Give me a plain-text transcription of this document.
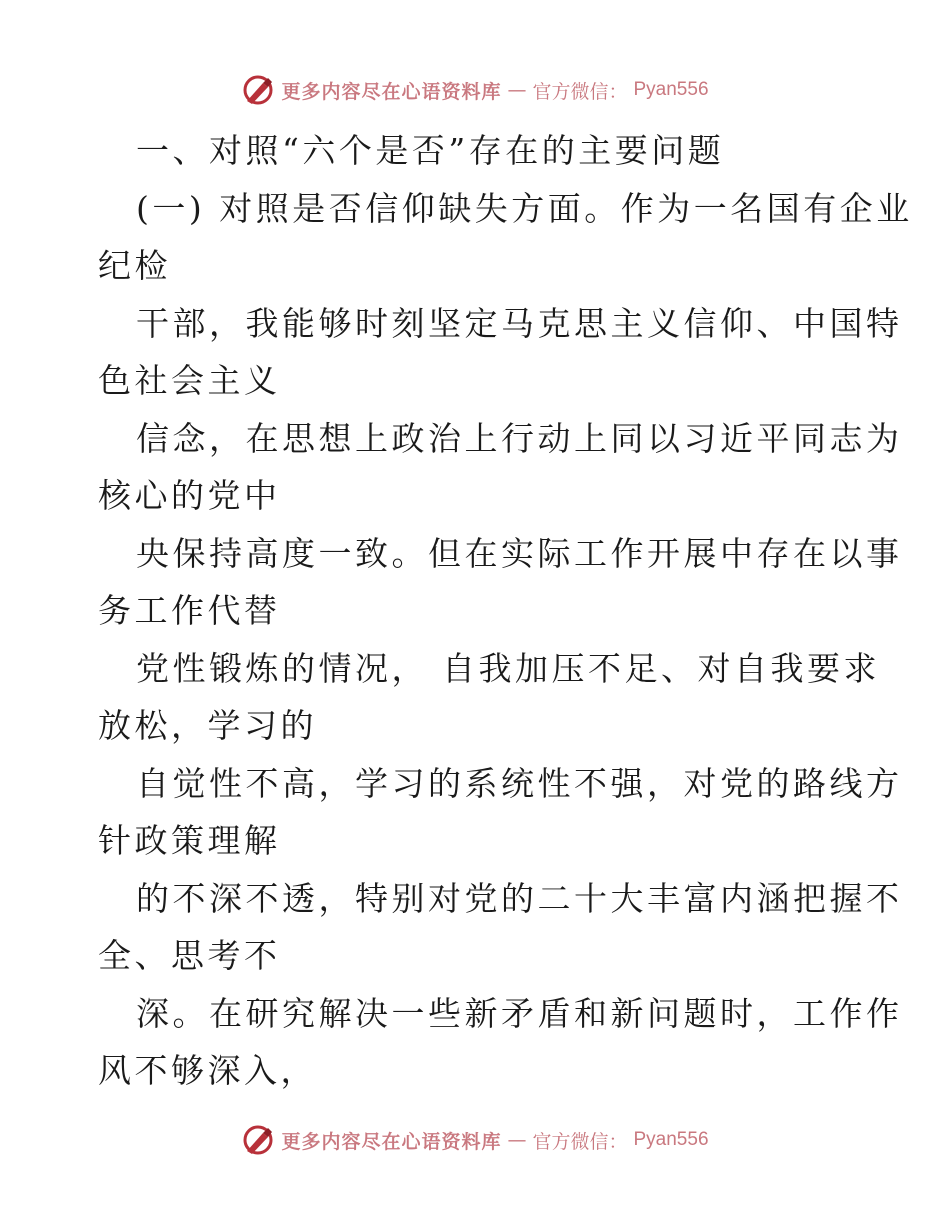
更多内容尽在心语资料库 — 官方微信： Pyan556
一、对照“六个是否”存在的主要问题
(一) 对照是否信仰缺失方面。作为一名国有企业
纪检
干部，我能够时刻坚定马克思主义信仰、中国特
色社会主义
信念，在思想上政治上行动上同以习近平同志为
核心的党中
央保持高度一致。但在实际工作开展中存在以事
务工作代替
党性锻炼的情况， 自我加压不足、对自我要求
放松，学习的
自觉性不高，学习的系统性不强，对党的路线方
针政策理解
的不深不透，特别对党的二十大丰富内涵把握不
全、思考不
深。在研究解决一些新矛盾和新问题时，工作作
风不够深入，
更多内容尽在心语资料库 — 官方微信： Pyan556
